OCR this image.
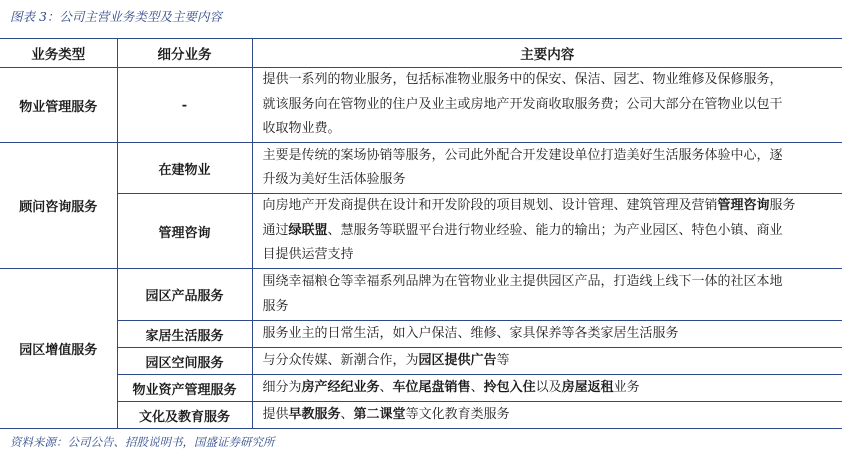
图表 3：公司主营业务类型及主要内容
业务类型	细分业务	主要内容
物业管理服务	-	提供一系列的物业服务，包括标准物业服务中的保安、保洁、园艺、物业维修及保修服务，
就该服务向在管物业的住户及业主或房地产开发商收取服务费；公司大部分在管物业以包干
收取物业费。

顾问咨询服务	在建物业	主要是传统的案场协销等服务，公司此外配合开发建设单位打造美好生活服务体验中心，逐
升级为美好生活体验服务

	管理咨询	向房地产开发商提供在设计和开发阶段的项目规划、设计管理、建筑管理及营销管理咨询服务
通过绿联盟、慧服务等联盟平台进行物业经验、能力的输出；为产业园区、特色小镇、商业
目提供运营支持

园区增值服务	园区产品服务	围绕幸福粮仓等幸福系列品牌为在管物业业主提供园区产品，打造线上线下一体的社区本地
服务

	家居生活服务	服务业主的日常生活，如入户保洁、维修、家具保养等各类家居生活服务

	园区空间服务	与分众传媒、新潮合作，为园区提供广告等

	物业资产管理服务	细分为房产经纪业务、车位尾盘销售、拎包入住以及房屋返租业务

	文化及教育服务	提供早教服务、第二课堂等文化教育类服务
资料来源：公司公告、招股说明书，国盛证券研究所
